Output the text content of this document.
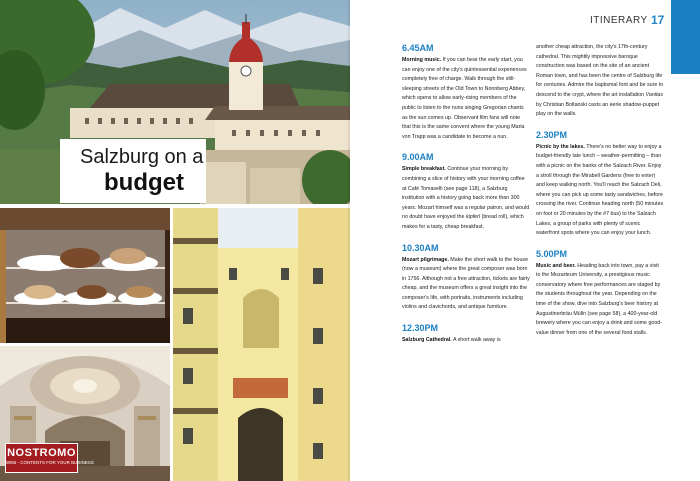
Salzburg on a
budget
NOSTROMO
WEB - CONTENTS FOR YOUR BUSINESS
ITINERARY 17
6.45AM

Morning music. If you can bear the early start, you can enjoy one of the city's quintessential experiences completely free of charge. Walk through the still-sleeping streets of the Old Town to Nonnberg Abbey, which opens to allow early-rising members of the public to listen to the nuns singing Gregorian chants as the sun comes up. Observant film fans will note that this is the same convent where the young Maria von Trapp was a candidate to become a nun.

9.00AM

Simple breakfast. Continue your morning by combining a slice of history with your morning coffee at Café Tomaselli (see page 118), a Salzburg institution with a history going back more than 300 years. Mozart himself was a regular patron, and would no doubt have enjoyed the kipferl (bread roll), which makes for a tasty, cheap breakfast.

10.30AM

Mozart pilgrimage. Make the short walk to the house (now a museum) where the great composer was born in 1756. Although not a free attraction, tickets are fairly cheap, and the museum offers a great insight into the composer's life, with portraits, instruments including violins and clavichords, and antique furniture.

12.30PM

Salzburg Cathedral. A short walk away is

another cheap attraction, the city's 17th-century cathedral. This mightily impressive baroque construction was based on the site of an ancient Roman town, and has been the centre of Salzburg life for centuries. Admire the baptismal font and be sure to descend to the crypt, where the art installation Vanitas by Christian Boltanski casts an eerie shadow-puppet play on the walls.

2.30PM

Picnic by the lakes. There's no better way to enjoy a budget-friendly late lunch – weather-permitting – than with a picnic on the banks of the Salzach River. Enjoy a stroll through the Mirabell Gardens (free to enter) and keep walking north. You'll reach the Salzach Deli, where you can pick up some tasty sandwiches, before crossing the river. Continue heading north (50 minutes on foot or 20 minutes by the #7 bus) to the Salzach Lakes, a group of parks with plenty of scenic waterfront spots where you can enjoy your lunch.

5.00PM

Music and beer. Heading back into town, pay a visit to the Mozarteum University, a prestigious music conservatory where free performances are staged by the students throughout the year. Depending on the time of the show, dive into Salzburg's beer history at Augustinerbräu Mülln (see page 58), a 400-year-old brewery where you can enjoy a drink and some good-value dinner from one of the several food stalls.
